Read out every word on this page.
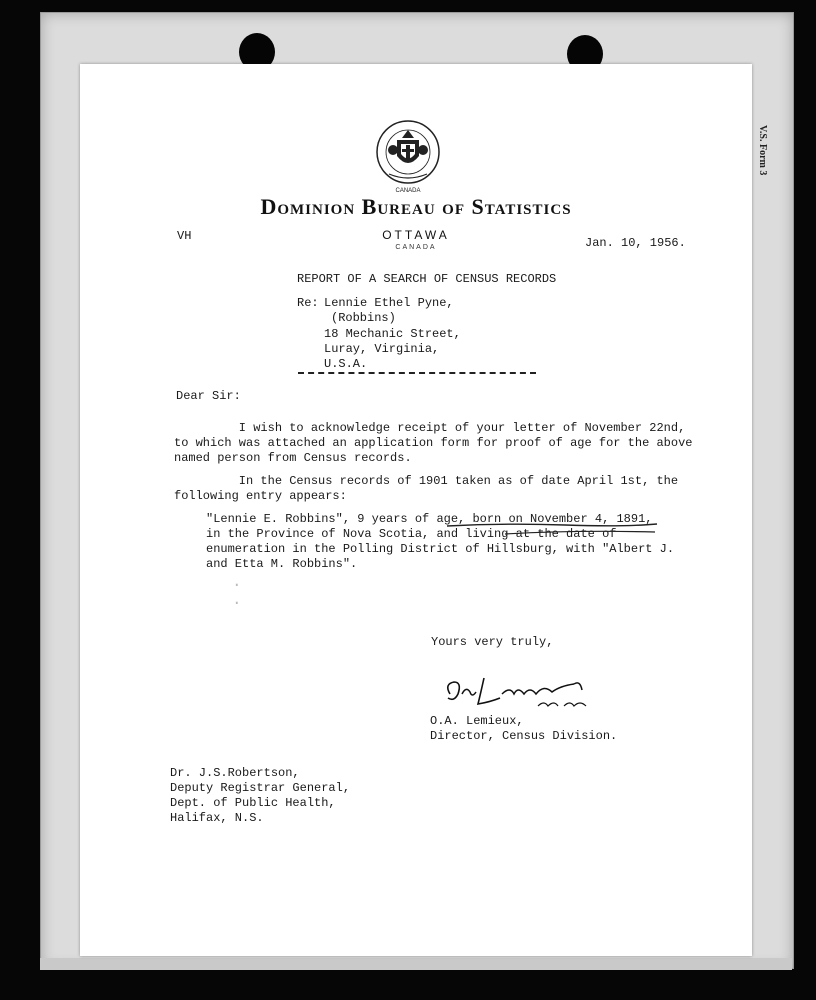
V.S. Form 3
CANADA
Dominion Bureau of Statistics
OTTAWA
CANADA
VH	Jan. 10, 1956.
REPORT OF A SEARCH OF CENSUS RECORDS
Re: Lennie Ethel Pyne,
(Robbins)
18 Mechanic Street,
Luray, Virginia,
U.S.A.
Dear Sir:
I wish to acknowledge receipt of your letter of November 22nd,
to which was attached an application form for proof of age for the above
named person from Census records.
In the Census records of 1901 taken as of date April 1st, the
following entry appears:
"Lennie E. Robbins", 9 years of age, born on November 4, 1891,
in the Province of Nova Scotia, and living at the date of
enumeration in the Polling District of Hillsburg, with "Albert J.
and Etta M. Robbins".
Yours very truly,
O.A. Lemieux,
Director, Census Division.
Dr. J.S.Robertson,
Deputy Registrar General,
Dept. of Public Health,
Halifax, N.S.
